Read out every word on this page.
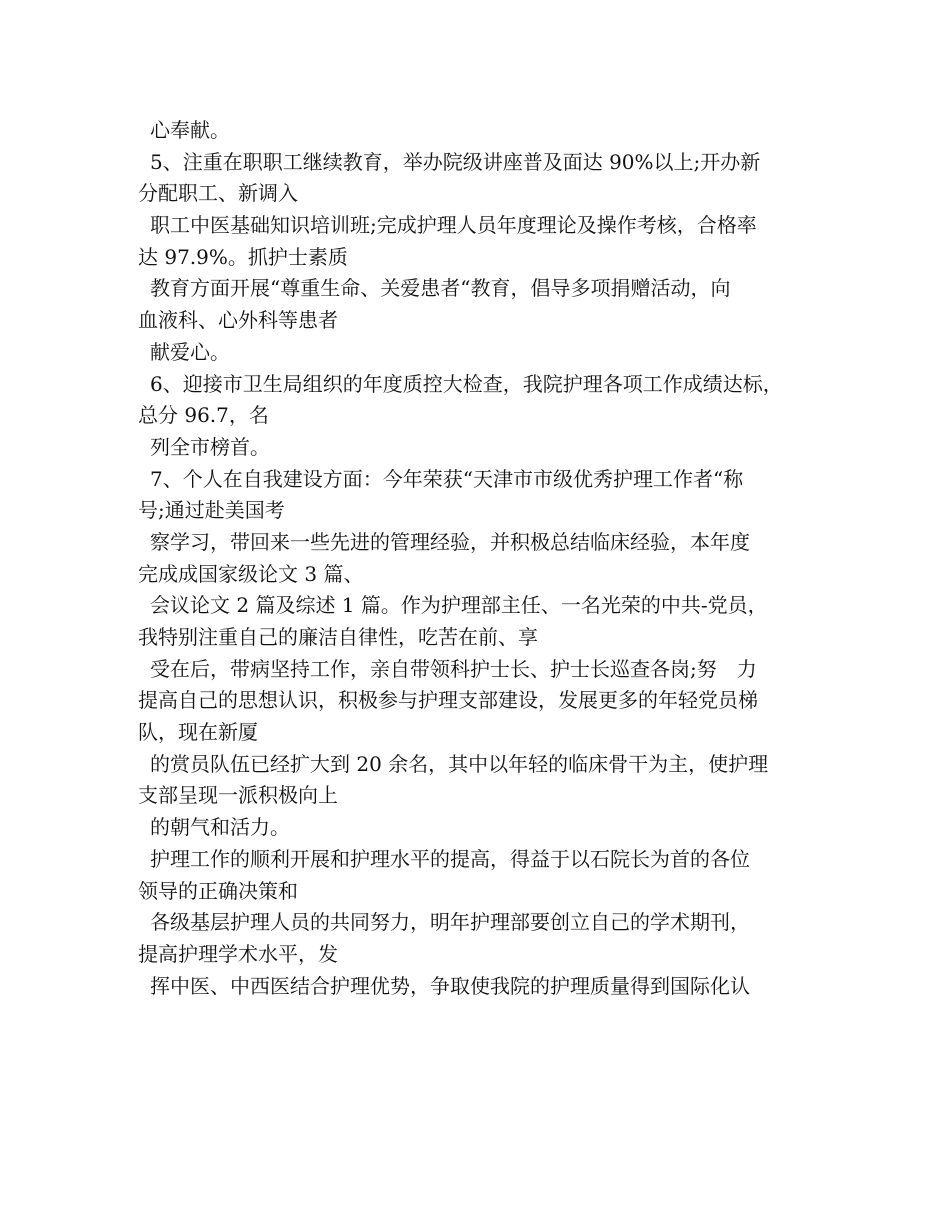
心奉献。
5、注重在职职工继续教育，举办院级讲座普及面达 90%以上;开办新
分配职工、新调入
职工中医基础知识培训班;完成护理人员年度理论及操作考核，合格率
达 97.9%。抓护士素质
教育方面开展“尊重生命、关爱患者“教育，倡导多项捐赠活动，向
血液科、心外科等患者
献爱心。
6、迎接市卫生局组织的年度质控大检查，我院护理各项工作成绩达标，
总分 96.7，名
列全市榜首。
7、个人在自我建设方面：今年荣获“天津市市级优秀护理工作者“称
号;通过赴美国考
察学习，带回来一些先进的管理经验，并积极总结临床经验，本年度
完成成国家级论文 3 篇、
会议论文 2 篇及综述 1 篇。作为护理部主任、一名光荣的中共-党员，
我特别注重自己的廉洁自律性，吃苦在前、享
受在后，带病坚持工作，亲自带领科护士长、护士长巡查各岗;努　力
提高自己的思想认识，积极参与护理支部建设，发展更多的年轻党员梯
队，现在新厦
的赏员队伍已经扩大到 20 余名，其中以年轻的临床骨干为主，使护理
支部呈现一派积极向上
的朝气和活力。
护理工作的顺利开展和护理水平的提高，得益于以石院长为首的各位
领导的正确决策和
各级基层护理人员的共同努力，明年护理部要创立自己的学术期刊，
提高护理学术水平，发
挥中医、中西医结合护理优势，争取使我院的护理质量得到国际化认
